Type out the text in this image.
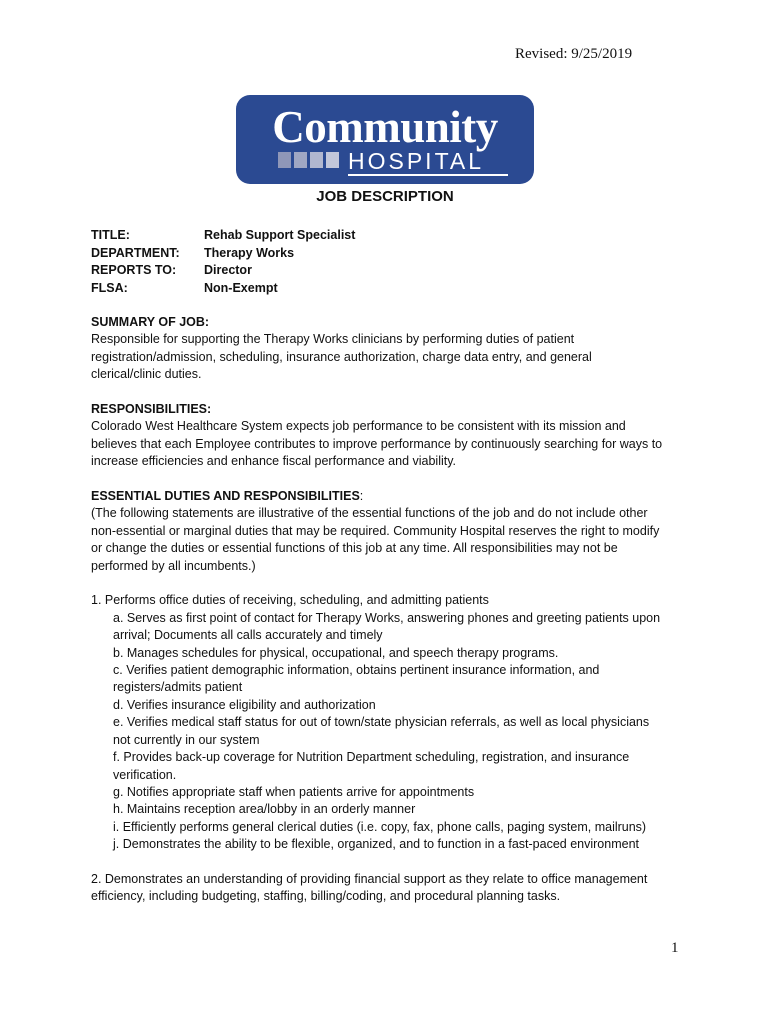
Revised: 9/25/2019
Community
HOSPITAL
JOB DESCRIPTION
TITLE:	Rehab Support Specialist
DEPARTMENT: Therapy Works
REPORTS TO: Director
FLSA:	Non-Exempt

SUMMARY OF JOB:

Responsible for supporting the Therapy Works clinicians by performing duties of patient

registration/admission, scheduling, insurance authorization, charge data entry, and general

clerical/clinic duties.

RESPONSIBILITIES:

Colorado West Healthcare System expects job performance to be consistent with its mission and

believes that each Employee contributes to improve performance by continuously searching for ways to

increase efficiencies and enhance fiscal performance and viability.

ESSENTIAL DUTIES AND RESPONSIBILITIES:

(The following statements are illustrative of the essential functions of the job and do not include other

non-essential or marginal duties that may be required. Community Hospital reserves the right to modify

or change the duties or essential functions of this job at any time. All responsibilities may not be

performed by all incumbents.)

1. Performs office duties of receiving, scheduling, and admitting patients

a. Serves as first point of contact for Therapy Works, answering phones and greeting patients upon

arrival; Documents all calls accurately and timely

b. Manages schedules for physical, occupational, and speech therapy programs.

c. Verifies patient demographic information, obtains pertinent insurance information, and

registers/admits patient

d. Verifies insurance eligibility and authorization

e. Verifies medical staff status for out of town/state physician referrals, as well as local physicians

not currently in our system

f. Provides back-up coverage for Nutrition Department scheduling, registration, and insurance

verification.

g. Notifies appropriate staff when patients arrive for appointments

h. Maintains reception area/lobby in an orderly manner

i. Efficiently performs general clerical duties (i.e. copy, fax, phone calls, paging system, mailruns)

j. Demonstrates the ability to be flexible, organized, and to function in a fast-paced environment

2. Demonstrates an understanding of providing financial support as they relate to office management

efficiency, including budgeting, staffing, billing/coding, and procedural planning tasks.

1
